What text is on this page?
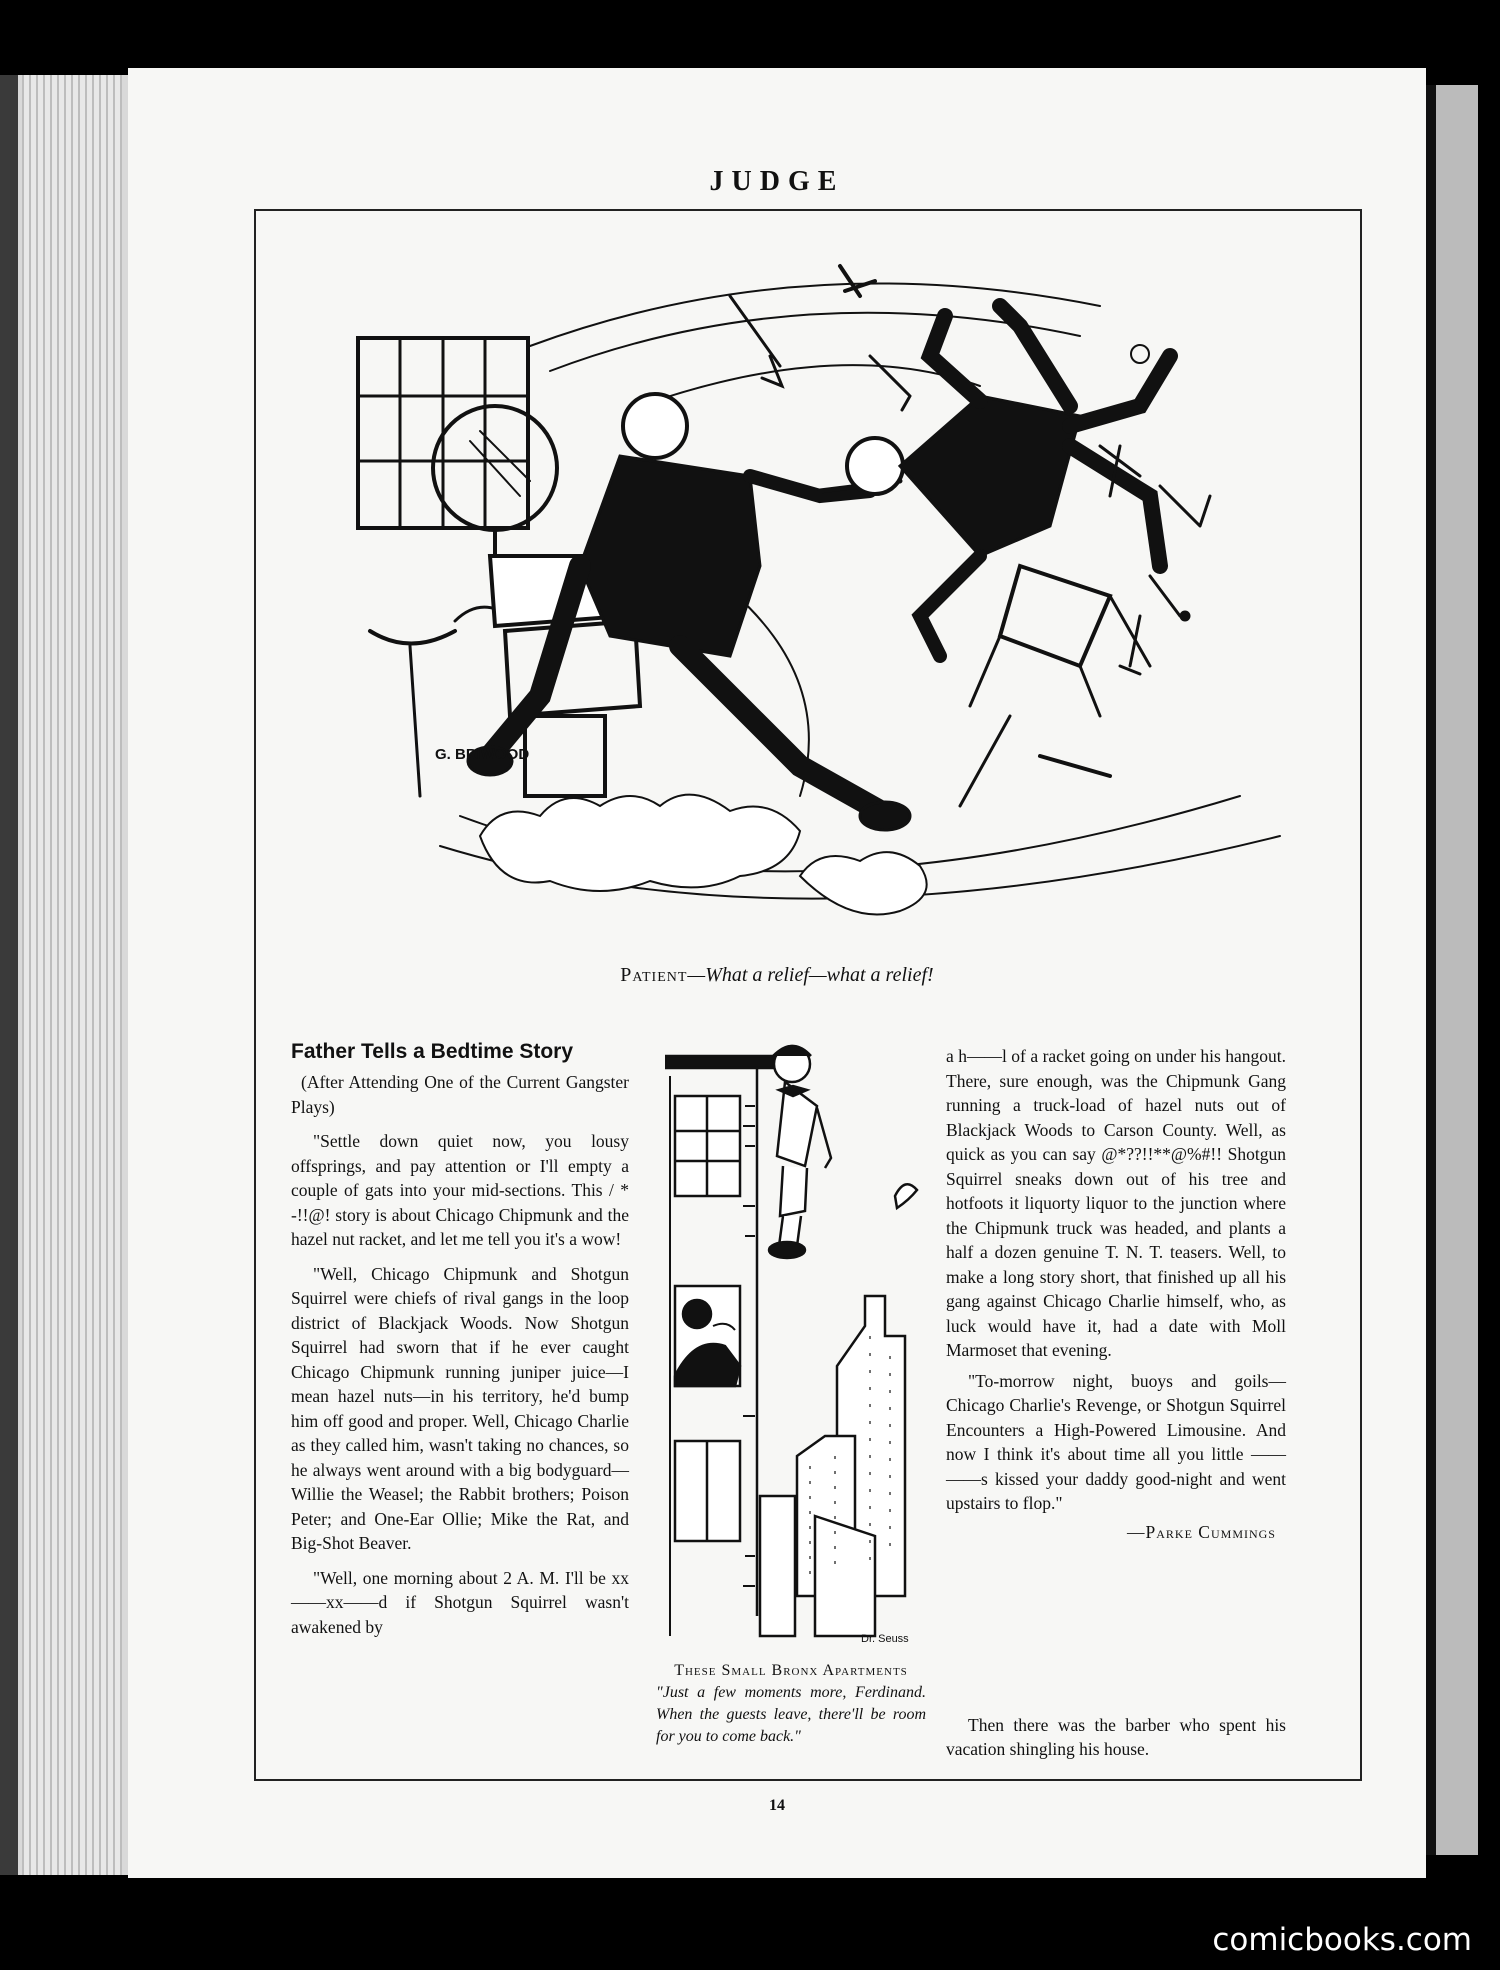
JUDGE
G. BRIWOOD
Patient—What a relief—what a relief!
Father Tells a Bedtime Story

(After Attending One of the Current Gangster Plays)

"Settle down quiet now, you lousy offsprings, and pay attention or I'll empty a couple of gats into your mid-sections. This / * -!!@! story is about Chicago Chipmunk and the hazel nut racket, and let me tell you it's a wow!

"Well, Chicago Chipmunk and Shotgun Squirrel were chiefs of rival gangs in the loop district of Blackjack Woods. Now Shotgun Squirrel had sworn that if he ever caught Chicago Chipmunk running juniper juice—I mean hazel nuts—in his territory, he'd bump him off good and proper. Well, Chicago Charlie as they called him, wasn't taking no chances, so he always went around with a big bodyguard—Willie the Weasel; the Rabbit brothers; Poison Peter; and One-Ear Ollie; Mike the Rat, and Big-Shot Beaver.

"Well, one morning about 2 A. M. I'll be xx——xx——d if Shotgun Squirrel wasn't awakened by

Dr. Seuss
These Small Bronx Apartments
"Just a few moments more, Ferdinand. When the guests leave, there'll be room for you to come back."

a h——l of a racket going on under his hangout. There, sure enough, was the Chipmunk Gang running a truck-load of hazel nuts out of Blackjack Woods to Carson County. Well, as quick as you can say @*??!!**@%#!! Shotgun Squirrel sneaks down out of his tree and hotfoots it liquorty liquor to the junction where the Chipmunk truck was headed, and plants a half a dozen genuine T. N. T. teasers. Well, to make a long story short, that finished up all his gang against Chicago Charlie himself, who, as luck would have it, had a date with Moll Marmoset that evening.

"To-morrow night, buoys and goils—Chicago Charlie's Revenge, or Shotgun Squirrel Encounters a High-Powered Limousine. And now I think it's about time all you little —— ——s kissed your daddy good-night and went upstairs to flop."

—Parke Cummings
Then there was the barber who spent his vacation shingling his house.
14
comicbooks.com
